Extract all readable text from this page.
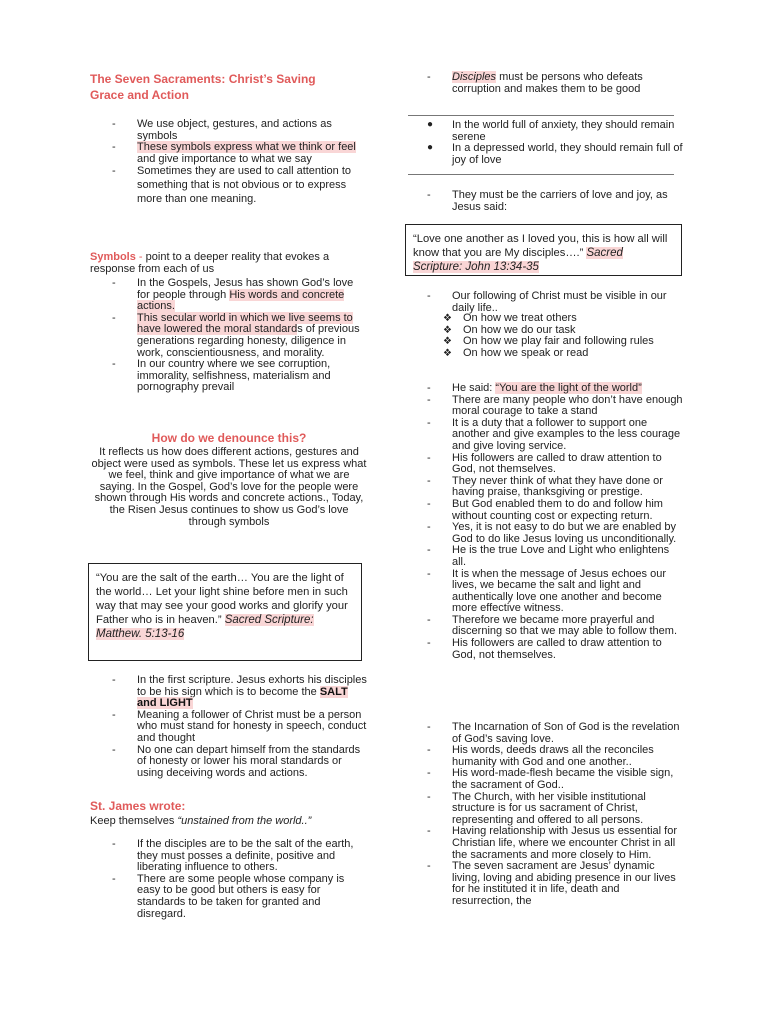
The Seven Sacraments: Christ’s Saving Grace and Action
- We use object, gestures, and actions as symbols
- These symbols express what we think or feel and give importance to what we say
- Sometimes they are used to call attention to something that is not obvious or to express more than one meaning.
Symbols - point to a deeper reality that evokes a response from each of us
- In the Gospels, Jesus has shown God’s love for people through His words and concrete actions.
- This secular world in which we live seems to have lowered the moral standards of previous generations regarding honesty, diligence in work, conscientiousness, and morality.
- In our country where we see corruption, immorality, selfishness, materialism and pornography prevail
How do we denounce this?
It reflects us how does different actions, gestures and object were used as symbols. These let us express what we feel, think and give importance of what we are saying. In the Gospel, God’s love for the people were shown through His words and concrete actions., Today, the Risen Jesus continues to show us God’s love through symbols
“You are the salt of the earth… You are the light of the world… Let your light shine before men in such way that may see your good works and glorify your Father who is in heaven.” Sacred Scripture: Matthew. 5:13-16
- In the first scripture. Jesus exhorts his disciples to be his sign which is to become the SALT and LIGHT
- Meaning a follower of Christ must be a person who must stand for honesty in speech, conduct and thought
- No one can depart himself from the standards of honesty or lower his moral standards or using deceiving words and actions.
St. James wrote:
Keep themselves “unstained from the world..”
- If the disciples are to be the salt of the earth, they must posses a definite, positive and liberating influence to others.
- There are some people whose company is easy to be good but others is easy for standards to be taken for granted and disregard.
- Disciples must be persons who defeats corruption and makes them to be good
● In the world full of anxiety, they should remain serene
● In a depressed world, they should remain full of joy of love
- They must be the carriers of love and joy, as Jesus said:
“Love one another as I loved you, this is how all will know that you are My disciples….” Sacred Scripture: John 13:34-35
- Our following of Christ must be visible in our daily life..
❖ On how we treat others
❖ On how we do our task
❖ On how we play fair and following rules
❖ On how we speak or read
- He said: “You are the light of the world”
- There are many people who don’t have enough moral courage to take a stand
- It is a duty that a follower to support one another and give examples to the less courage and give loving service.
- His followers are called to draw attention to God, not themselves.
- They never think of what they have done or having praise, thanksgiving or prestige.
- But God enabled them to do and follow him without counting cost or expecting return.
- Yes, it is not easy to do but we are enabled by God to do like Jesus loving us unconditionally.
- He is the true Love and Light who enlightens all.
- It is when the message of Jesus echoes our lives, we became the salt and light and authentically love one another and become more effective witness.
- Therefore we became more prayerful and discerning so that we may able to follow them.
- His followers are called to draw attention to God, not themselves.
- The Incarnation of Son of God is the revelation of God’s saving love.
- His words, deeds draws all the reconciles humanity with God and one another..
- His word-made-flesh became the visible sign, the sacrament of God..
- The Church, with her visible institutional structure is for us sacrament of Christ, representing and offered to all persons.
- Having relationship with Jesus us essential for Christian life, where we encounter Christ in all the sacraments and more closely to Him.
- The seven sacrament are Jesus’ dynamic living, loving and abiding presence in our lives for he instituted it in life, death and resurrection, the
